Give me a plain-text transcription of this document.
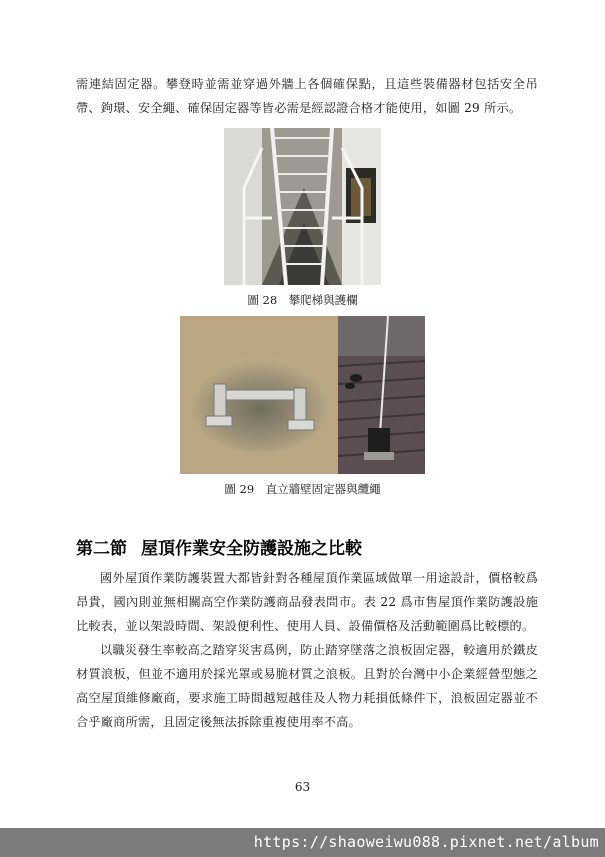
需連結固定器。攀登時並需並穿過外牆上各個確保點，且這些裝備器材包括安全吊帶、鉤環、安全繩、確保固定器等皆必需是經認證合格才能使用，如圖 29 所示。

圖 28　攀爬梯與護欄
圖 29　直立牆壁固定器與纜繩
第二節 屋頂作業安全防護設施之比較

國外屋頂作業防護裝置大都皆針對各種屋頂作業區域做單一用途設計，價格較爲昂貴，國內則並無相關高空作業防護商品發表問市。表 22 爲市售屋頂作業防護設施比較表，並以架設時間、架設便利性、使用人員、設備價格及活動範圍爲比較標的。

以職災發生率較高之踏穿災害爲例，防止踏穿墜落之浪板固定器，較適用於鐵皮材質浪板，但並不適用於採光罩或易脆材質之浪板。且對於台灣中小企業經營型態之高空屋頂維修廠商，要求施工時間越短越佳及人物力耗損低條件下，浪板固定器並不合乎廠商所需，且固定後無法拆除重複使用率不高。

63
https://shaoweiwu088.pixnet.net/album
